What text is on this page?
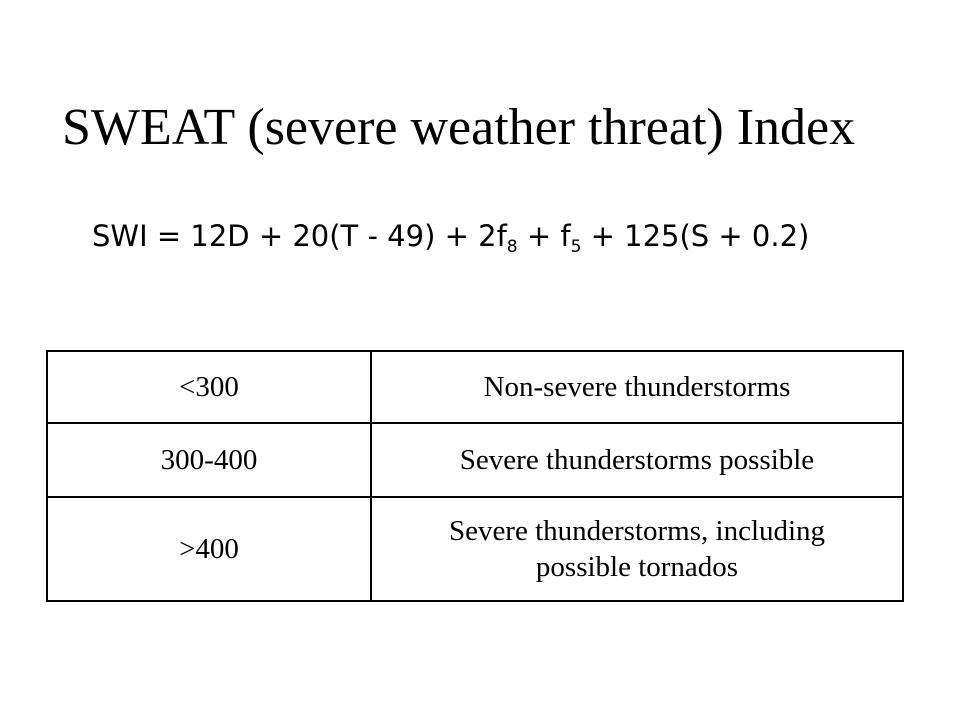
SWEAT (severe weather threat) Index
SWI = $12D + 20(T - 49) + 2f_8 + f_5 + 125(S + 0.2)$
<300	Non-severe thunderstorms
300-400	Severe thunderstorms possible
>400	Severe thunderstorms, including
possible tornados
